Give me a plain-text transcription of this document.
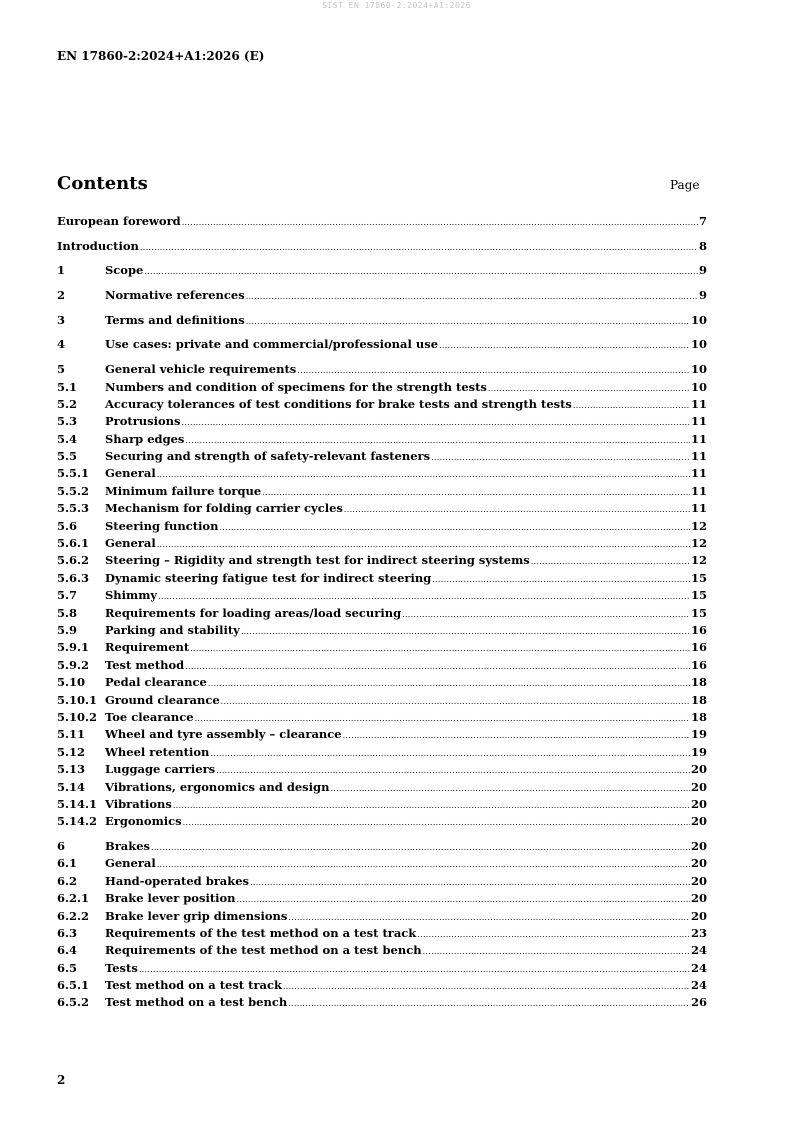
SIST EN 17860-2:2024+A1:2026
EN 17860-2:2024+A1:2026 (E)
Contents	Page
European foreword .....	7
Introduction .....	8
1	Scope .....	9
2	Normative references .....	9
3	Terms and definitions .....	10
4	Use cases: private and commercial/professional use .....	10
5	General vehicle requirements .....	10
5.1	Numbers and condition of specimens for the strength tests .....	10
5.2	Accuracy tolerances of test conditions for brake tests and strength tests .....	11
5.3	Protrusions .....	11
5.4	Sharp edges .....	11
5.5	Securing and strength of safety-relevant fasteners .....	11
5.5.1	General .....	11
5.5.2	Minimum failure torque .....	11
5.5.3	Mechanism for folding carrier cycles .....	11
5.6	Steering function .....	12
5.6.1	General .....	12
5.6.2	Steering – Rigidity and strength test for indirect steering systems .....	12
5.6.3	Dynamic steering fatigue test for indirect steering .....	15
5.7	Shimmy .....	15
5.8	Requirements for loading areas/load securing .....	15
5.9	Parking and stability .....	16
5.9.1	Requirement .....	16
5.9.2	Test method .....	16
5.10	Pedal clearance .....	18
5.10.1 Ground clearance .....	18
5.10.2 Toe clearance .....	18
5.11	Wheel and tyre assembly – clearance .....	19
5.12	Wheel retention .....	19
5.13	Luggage carriers .....	20
5.14	Vibrations, ergonomics and design .....	20
5.14.1 Vibrations .....	20
5.14.2 Ergonomics .....	20
6	Brakes .....	20
6.1	General .....	20
6.2	Hand-operated brakes .....	20
6.2.1	Brake lever position .....	20
6.2.2	Brake lever grip dimensions .....	20
6.3	Requirements of the test method on a test track .....	23
6.4	Requirements of the test method on a test bench .....	24
6.5	Tests .....	24
6.5.1	Test method on a test track .....	24
6.5.2	Test method on a test bench .....	26
2
